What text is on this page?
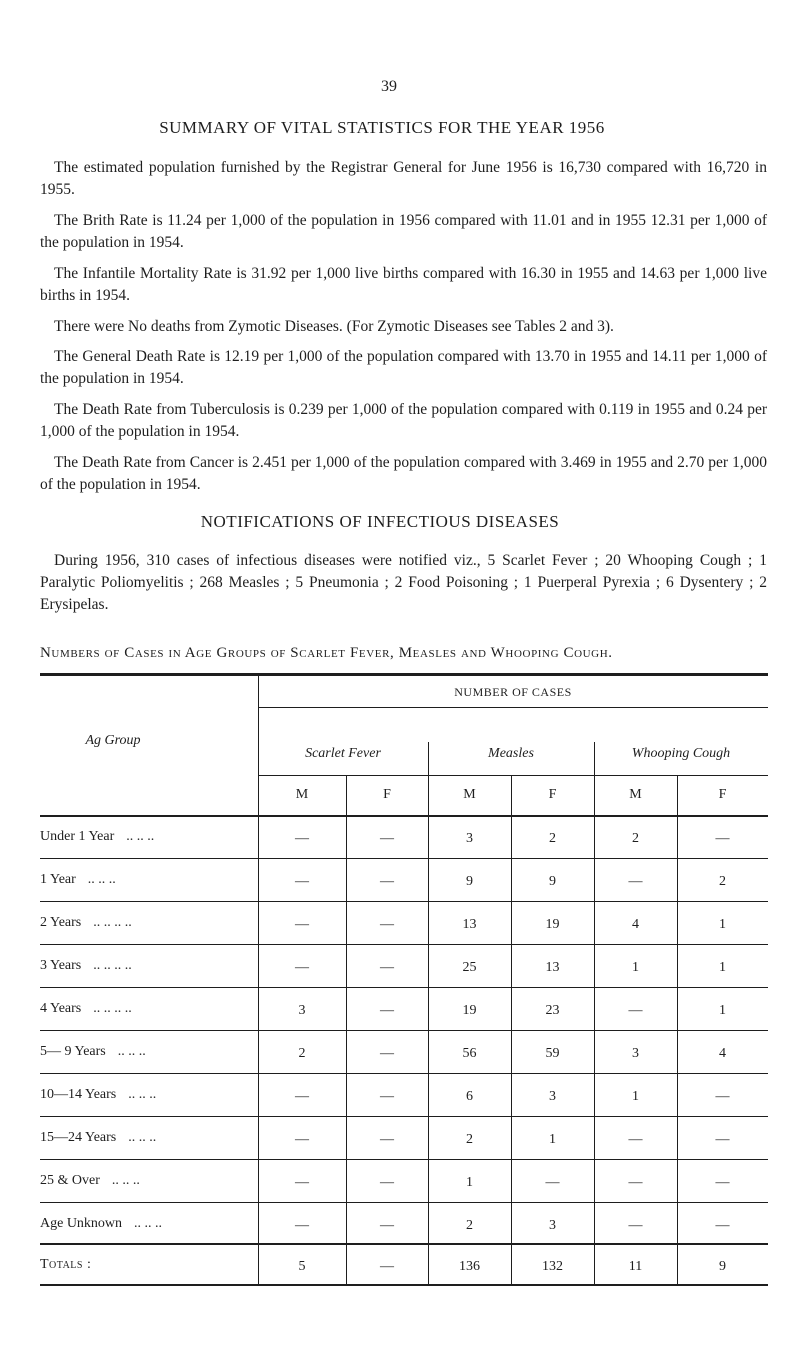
39
SUMMARY OF VITAL STATISTICS FOR THE YEAR 1956

The estimated population furnished by the Registrar General for June 1956 is 16,730 compared with 16,720 in 1955.

The Brith Rate is 11.24 per 1,000 of the population in 1956 compared with 11.01 and in 1955 12.31 per 1,000 of the population in 1954.

The Infantile Mortality Rate is 31.92 per 1,000 live births compared with 16.30 in 1955 and 14.63 per 1,000 live births in 1954.

There were No deaths from Zymotic Diseases. (For Zymotic Diseases see Tables 2 and 3).

The General Death Rate is 12.19 per 1,000 of the population compared with 13.70 in 1955 and 14.11 per 1,000 of the population in 1954.

The Death Rate from Tuberculosis is 0.239 per 1,000 of the population compared with 0.119 in 1955 and 0.24 per 1,000 of the population in 1954.

The Death Rate from Cancer is 2.451 per 1,000 of the population compared with 3.469 in 1955 and 2.70 per 1,000 of the population in 1954.

NOTIFICATIONS OF INFECTIOUS DISEASES

During 1956, 310 cases of infectious diseases were notified viz., 5 Scarlet Fever ; 20 Whooping Cough ; 1 Paralytic Poliomyelitis ; 268 Measles ; 5 Pneumonia ; 2 Food Poisoning ; 1 Puerperal Pyrexia ; 6 Dysentery ; 2 Erysipelas.

Numbers of Cases in Age Groups of Scarlet Fever, Measles and Whooping Cough.
Ag Group
NUMBER OF CASES
Scarlet Fever	Measles	Whooping Cough
M	F	M	F	M	F
Under 1 Year .. .. ..	—	—	3	2	2	—
1 Year .. .. ..	—	—	9	9	—	2
2 Years .. .. .. ..	—	—	13	19	4	1
3 Years .. .. .. ..	—	—	25	13	1	1
4 Years .. .. .. ..	3	—	19	23	—	1
5— 9 Years .. .. ..	2	—	56	59	3	4
10—14 Years .. .. ..	—	—	6	3	1	—
15—24 Years .. .. ..	—	—	2	1	—	—
25 & Over .. .. ..	—	—	1	—	—	—
Age Unknown .. .. ..	—	—	2	3	—	—
Totals :	5	—	136	132	11	9
